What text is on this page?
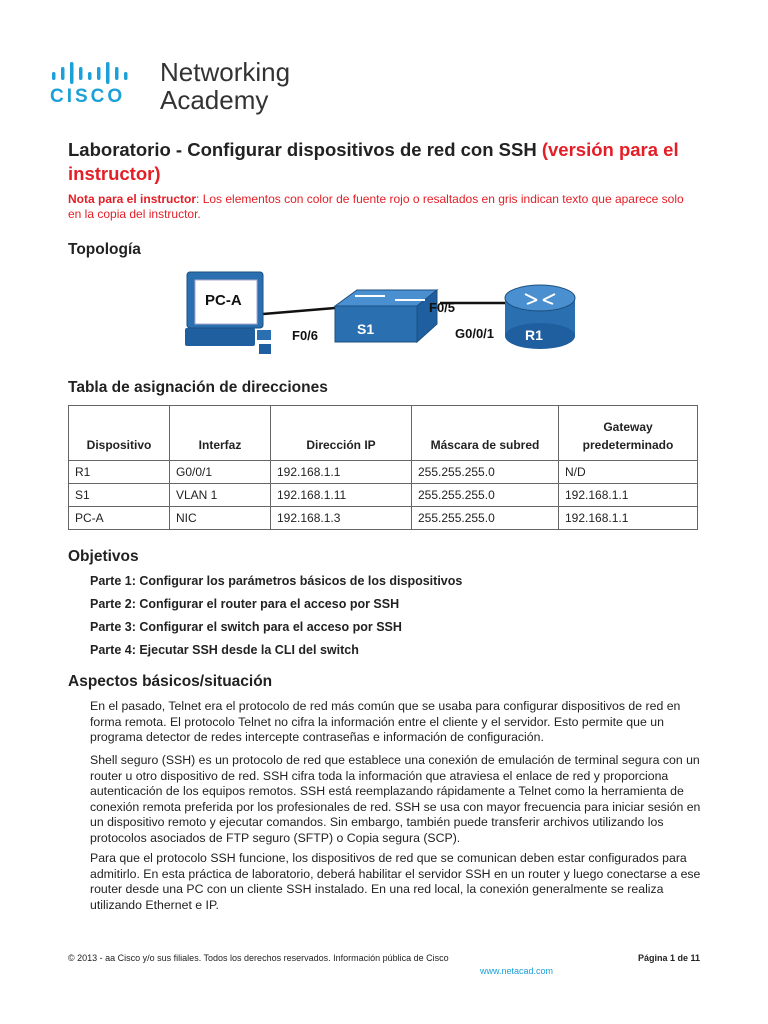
CISCO
Networking
Academy
Laboratorio - Configurar dispositivos de red con SSH (versión para el instructor)
Nota para el instructor: Los elementos con color de fuente rojo o resaltados en gris indican texto que aparece solo en la copia del instructor.
Topología
PC-A
S1	R1
F0/6
F0/5
G0/0/1
Tabla de asignación de direcciones
Dispositivo	Interfaz	Dirección IP	Máscara de subred	Gateway predeterminado
R1	G0/0/1	192.168.1.1	255.255.255.0	N/D
S1	VLAN 1	192.168.1.11	255.255.255.0	192.168.1.1
PC-A	NIC	192.168.1.3	255.255.255.0	192.168.1.1
Objetivos
Parte 1: Configurar los parámetros básicos de los dispositivos
Parte 2: Configurar el router para el acceso por SSH
Parte 3: Configurar el switch para el acceso por SSH
Parte 4: Ejecutar SSH desde la CLI del switch
Aspectos básicos/situación
En el pasado, Telnet era el protocolo de red más común que se usaba para configurar dispositivos de red en forma remota. El protocolo Telnet no cifra la información entre el cliente y el servidor. Esto permite que un programa detector de redes intercepte contraseñas e información de configuración.
Shell seguro (SSH) es un protocolo de red que establece una conexión de emulación de terminal segura con un router u otro dispositivo de red. SSH cifra toda la información que atraviesa el enlace de red y proporciona autenticación de los equipos remotos. SSH está reemplazando rápidamente a Telnet como la herramienta de conexión remota preferida por los profesionales de red. SSH se usa con mayor frecuencia para iniciar sesión en un dispositivo remoto y ejecutar comandos. Sin embargo, también puede transferir archivos utilizando los protocolos asociados de FTP seguro (SFTP) o Copia segura (SCP).
Para que el protocolo SSH funcione, los dispositivos de red que se comunican deben estar configurados para admitirlo. En esta práctica de laboratorio, deberá habilitar el servidor SSH en un router y luego conectarse a ese router desde una PC con un cliente SSH instalado. En una red local, la conexión generalmente se realiza utilizando Ethernet e IP.
© 2013 - aa Cisco y/o sus filiales. Todos los derechos reservados. Información pública de Cisco	Página 1 de 11
www.netacad.com
